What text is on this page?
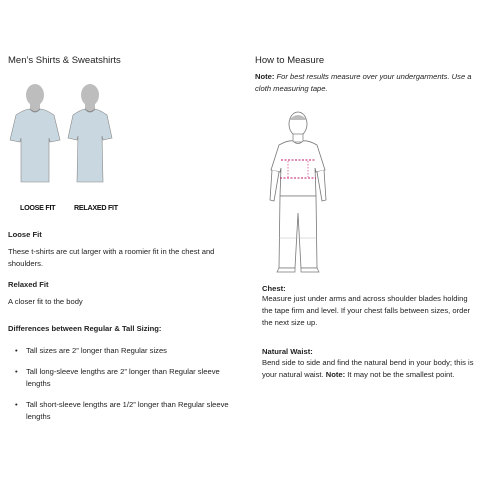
Men’s Shirts & Sweatshirts
LOOSE FIT	RELAXED FIT
Loose Fit
These t-shirts are cut larger with a roomier fit in the chest and shoulders.
Relaxed Fit
A closer fit to the body
Differences between Regular & Tall Sizing:
• Tall sizes are 2” longer than Regular sizes
• Tall long-sleeve lengths are 2” longer than Regular sleeve lengths
• Tall short-sleeve lengths are 1/2” longer than Regular sleeve lengths
How to Measure
Note: For best results measure over your undergarments. Use a cloth measuring tape.
Chest:
Measure just under arms and across shoulder blades holding the tape firm and level. If your chest falls between sizes, order the next size up.
Natural Waist:
Bend side to side and find the natural bend in your body; this is your natural waist. Note: It may not be the smallest point.
